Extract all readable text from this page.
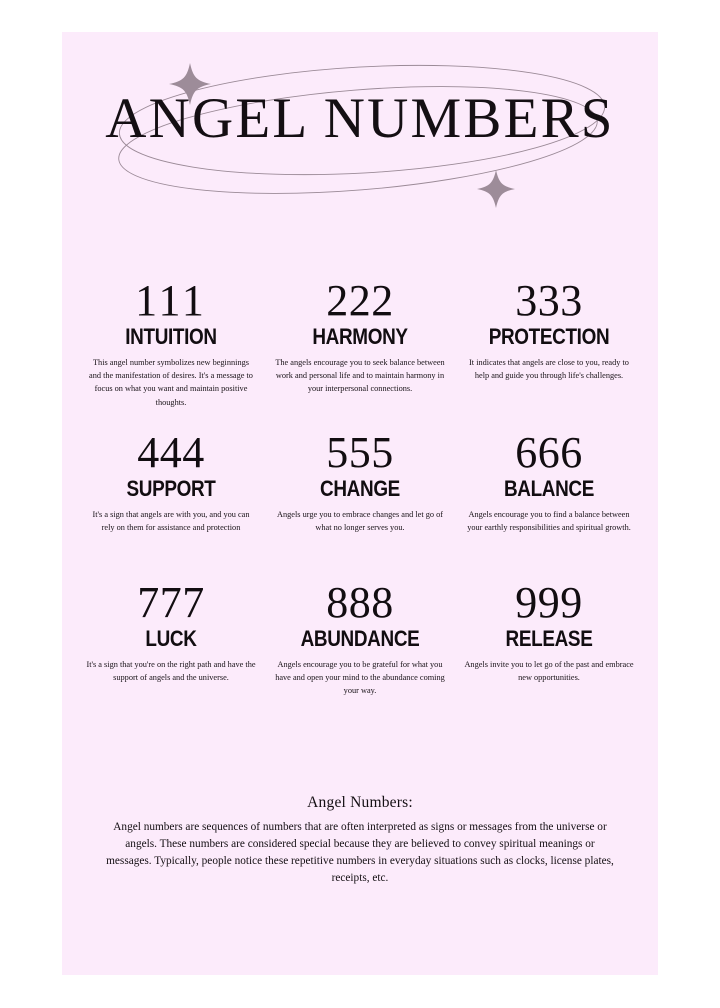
ANGEL NUMBERS
111
INTUITION
This angel number symbolizes new beginnings and the manifestation of desires. It's a message to focus on what you want and maintain positive thoughts.
222
HARMONY
The angels encourage you to seek balance between work and personal life and to maintain harmony in your interpersonal connections.
333
PROTECTION
It indicates that angels are close to you, ready to help and guide you through life's challenges.
444
SUPPORT
It's a sign that angels are with you, and you can rely on them for assistance and protection
555
CHANGE
Angels urge you to embrace changes and let go of what no longer serves you.
666
BALANCE
Angels encourage you to find a balance between your earthly responsibilities and spiritual growth.
777
LUCK
It's a sign that you're on the right path and have the support of angels and the universe.
888
ABUNDANCE
Angels encourage you to be grateful for what you have and open your mind to the abundance coming your way.
999
RELEASE
Angels invite you to let go of the past and embrace new opportunities.
Angel Numbers:
Angel numbers are sequences of numbers that are often interpreted as signs or messages from the universe or angels. These numbers are considered special because they are believed to convey spiritual meanings or messages. Typically, people notice these repetitive numbers in everyday situations such as clocks, license plates, receipts, etc.
